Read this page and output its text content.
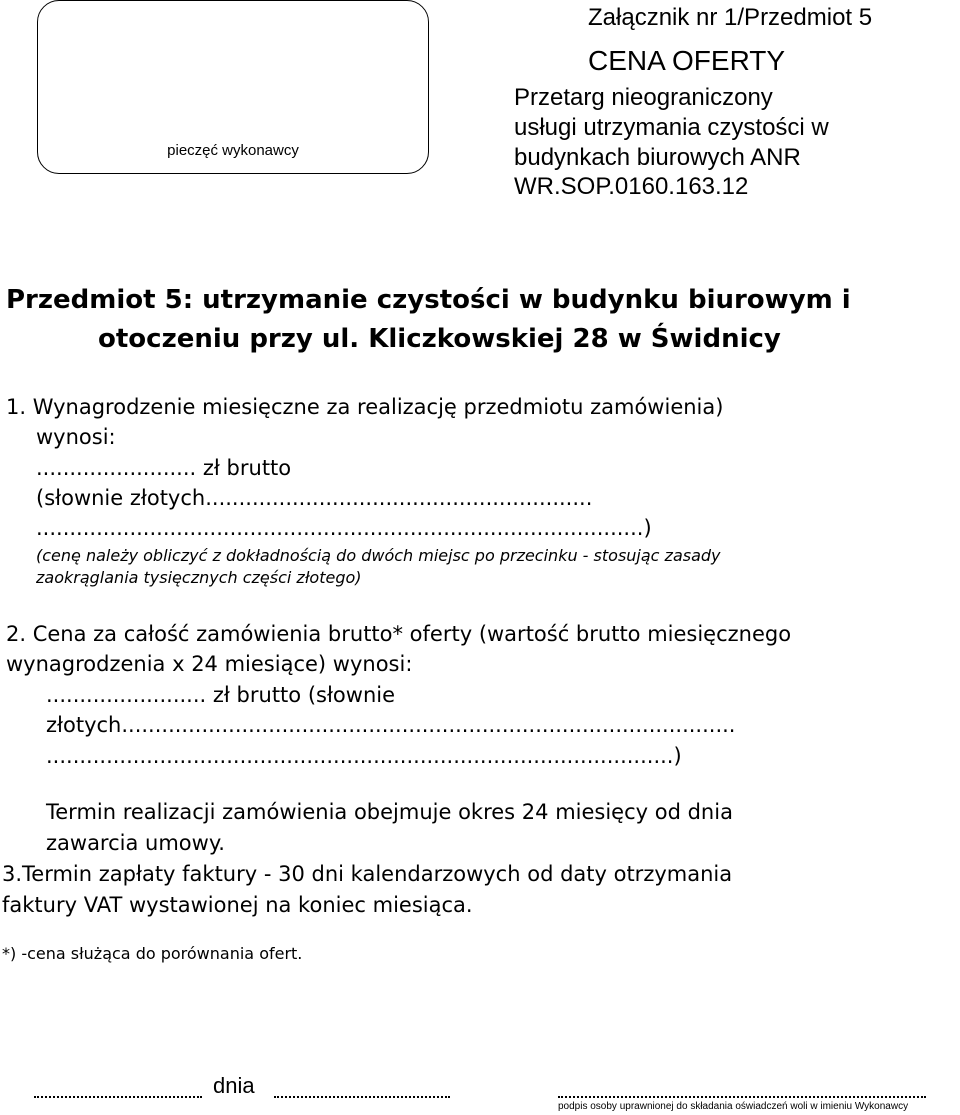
pieczęć wykonawcy
Załącznik nr 1/Przedmiot 5
CENA OFERTY
Przetarg nieograniczony
usługi utrzymania czystości w
budynkach biurowych ANR
WR.SOP.0160.163.12
Przedmiot 5: utrzymanie czystości w budynku biurowym i
otoczeniu przy ul. Kliczkowskiej 28 w Świdnicy
1. Wynagrodzenie miesięczne za realizację przedmiotu zamówienia)
wynosi:
........................ zł brutto
(słownie złotych..........................................................
...........................................................................................)
(cenę należy obliczyć z dokładnością do dwóch miejsc po przecinku - stosując zasady
zaokrąglania tysięcznych części złotego)
2. Cena za całość zamówienia brutto* oferty (wartość brutto miesięcznego
wynagrodzenia x 24 miesiące) wynosi:
........................ zł brutto (słownie
złotych............................................................................................
..............................................................................................)
Termin realizacji zamówienia obejmuje okres 24 miesięcy od dnia
zawarcia umowy.
3.Termin zapłaty faktury - 30 dni kalendarzowych od daty otrzymania
faktury VAT wystawionej na koniec miesiąca.
*) -cena służąca do porównania ofert.
dnia
podpis osoby uprawnionej do składania oświadczeń woli w imieniu Wykonawcy
